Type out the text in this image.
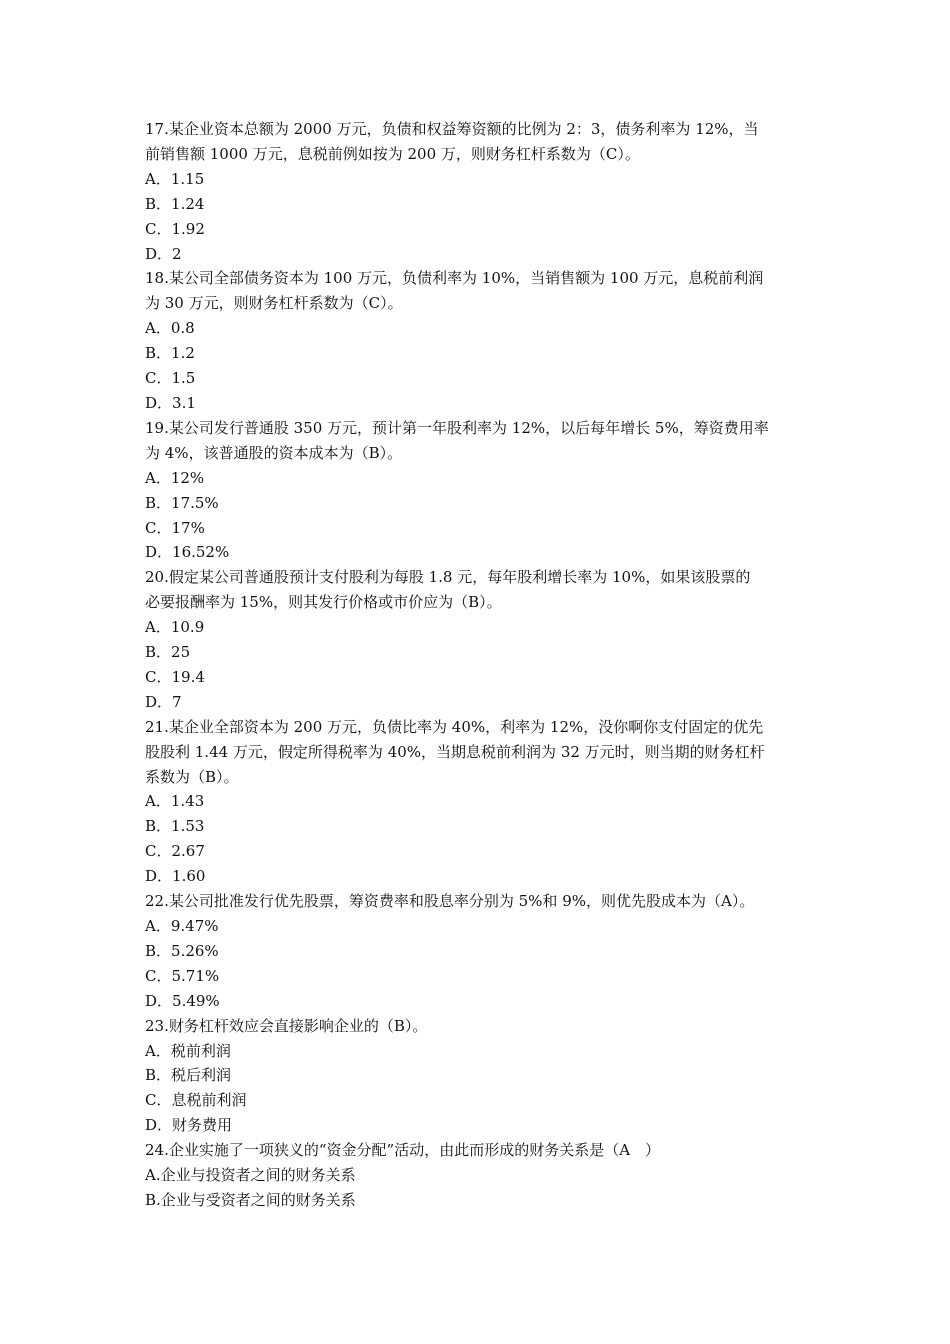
17.某企业资本总额为 2000 万元，负债和权益筹资额的比例为 2：3，债务利率为 12%，当

前销售额 1000 万元，息税前例如按为 200 万，则财务杠杆系数为（C）。

A．1.15

B．1.24

C．1.92

D．2

18.某公司全部债务资本为 100 万元，负债利率为 10%，当销售额为 100 万元，息税前利润

为 30 万元，则财务杠杆系数为（C）。

A．0.8

B．1.2

C．1.5

D．3.1

19.某公司发行普通股 350 万元，预计第一年股利率为 12%，以后每年增长 5%，筹资费用率

为 4%，该普通股的资本成本为（B）。

A．12%

B．17.5%

C．17%

D．16.52%

20.假定某公司普通股预计支付股利为每股 1.8 元，每年股利增长率为 10%，如果该股票的

必要报酬率为 15%，则其发行价格或市价应为（B）。

A．10.9

B．25

C．19.4

D．7

21.某企业全部资本为 200 万元，负债比率为 40%，利率为 12%，没你啊你支付固定的优先

股股利 1.44 万元，假定所得税率为 40%，当期息税前利润为 32 万元时，则当期的财务杠杆

系数为（B）。

A．1.43

B．1.53

C．2.67

D．1.60

22.某公司批准发行优先股票，筹资费率和股息率分别为 5%和 9%，则优先股成本为（A）。

A．9.47%

B．5.26%

C．5.71%

D．5.49%

23.财务杠杆效应会直接影响企业的（B）。

A．税前利润

B．税后利润

C．息税前利润

D．财务费用

24.企业实施了一项狭义的“资金分配”活动，由此而形成的财务关系是（A　）

A.企业与投资者之间的财务关系

B.企业与受资者之间的财务关系
